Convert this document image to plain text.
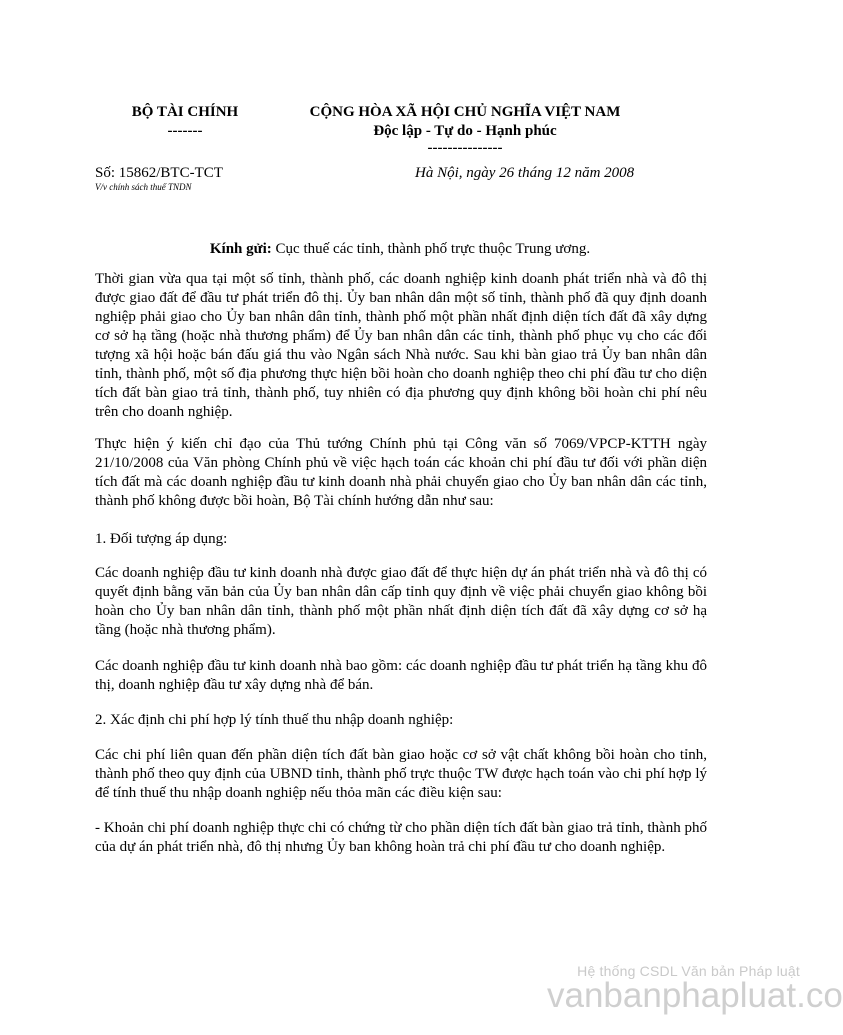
BỘ TÀI CHÍNH
-------
CỘNG HÒA XÃ HỘI CHỦ NGHĨA VIỆT NAM
Độc lập - Tự do - Hạnh phúc
---------------
Số: 15862/BTC-TCT
V/v chính sách thuế TNDN
Hà Nội, ngày 26 tháng 12 năm 2008
Kính gửi: Cục thuế các tỉnh, thành phố trực thuộc Trung ương.

Thời gian vừa qua tại một số tỉnh, thành phố, các doanh nghiệp kinh doanh phát triển nhà và đô thị được giao đất để đầu tư phát triển đô thị. Ủy ban nhân dân một số tỉnh, thành phố đã quy định doanh nghiệp phải giao cho Ủy ban nhân dân tỉnh, thành phố một phần nhất định diện tích đất đã xây dựng cơ sở hạ tầng (hoặc nhà thương phẩm) để Ủy ban nhân dân các tỉnh, thành phố phục vụ cho các đối tượng xã hội hoặc bán đấu giá thu vào Ngân sách Nhà nước. Sau khi bàn giao trả Ủy ban nhân dân tỉnh, thành phố, một số địa phương thực hiện bồi hoàn cho doanh nghiệp theo chi phí đầu tư cho diện tích đất bàn giao trả tỉnh, thành phố, tuy nhiên có địa phương quy định không bồi hoàn chi phí nêu trên cho doanh nghiệp.

Thực hiện ý kiến chỉ đạo của Thủ tướng Chính phủ tại Công văn số 7069/VPCP-KTTH ngày 21/10/2008 của Văn phòng Chính phủ về việc hạch toán các khoản chi phí đầu tư đối với phần diện tích đất mà các doanh nghiệp đầu tư kinh doanh nhà phải chuyển giao cho Ủy ban nhân dân các tỉnh, thành phố không được bồi hoàn, Bộ Tài chính hướng dẫn như sau:

1. Đối tượng áp dụng:

Các doanh nghiệp đầu tư kinh doanh nhà được giao đất để thực hiện dự án phát triển nhà và đô thị có quyết định bằng văn bản của Ủy ban nhân dân cấp tỉnh quy định về việc phải chuyển giao không bồi hoàn cho Ủy ban nhân dân tỉnh, thành phố một phần nhất định diện tích đất đã xây dựng cơ sở hạ tầng (hoặc nhà thương phẩm).

Các doanh nghiệp đầu tư kinh doanh nhà bao gồm: các doanh nghiệp đầu tư phát triển hạ tầng khu đô thị, doanh nghiệp đầu tư xây dựng nhà để bán.

2. Xác định chi phí hợp lý tính thuế thu nhập doanh nghiệp:

Các chi phí liên quan đến phần diện tích đất bàn giao hoặc cơ sở vật chất không bồi hoàn cho tỉnh, thành phố theo quy định của UBND tỉnh, thành phố trực thuộc TW được hạch toán vào chi phí hợp lý để tính thuế thu nhập doanh nghiệp nếu thỏa mãn các điều kiện sau:

- Khoản chi phí doanh nghiệp thực chi có chứng từ cho phần diện tích đất bàn giao trả tỉnh, thành phố của dự án phát triển nhà, đô thị nhưng Ủy ban không hoàn trả chi phí đầu tư cho doanh nghiệp.

Hệ thống CSDL Văn bản Pháp luật
vanbanphapluat.co
